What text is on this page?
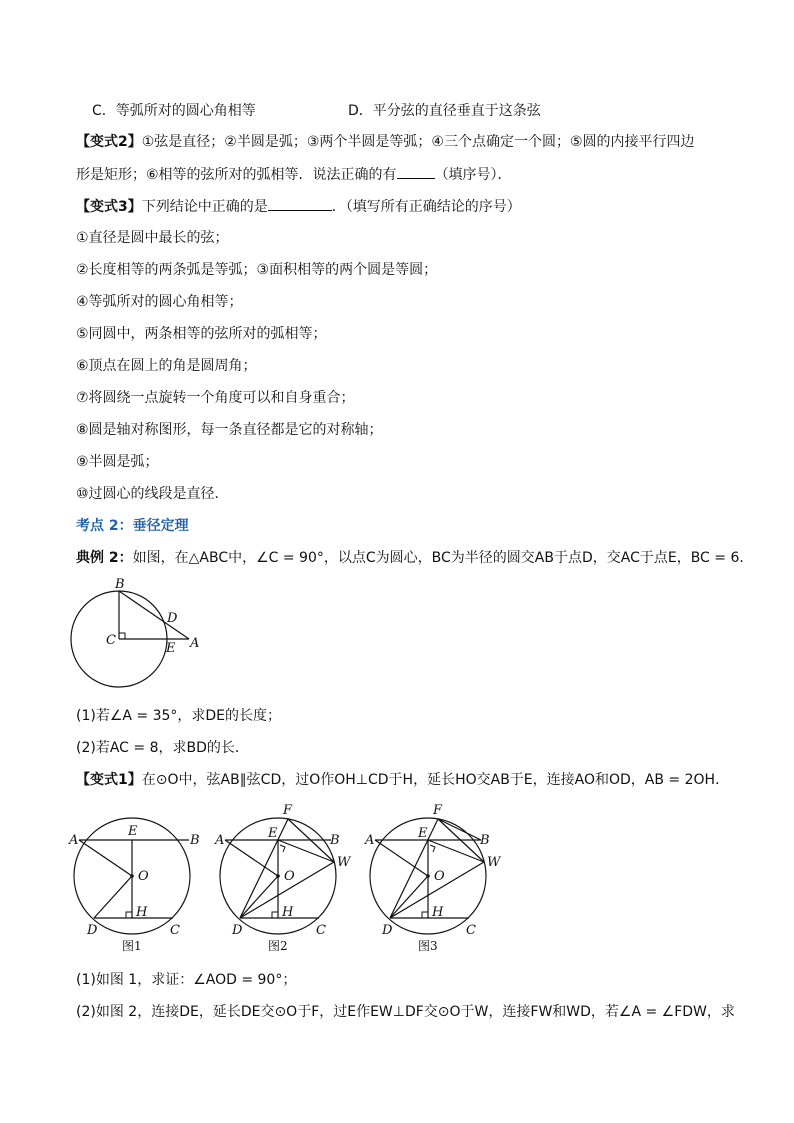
C．等弧所对的圆心角相等	D．平分弦的直径垂直于这条弦
【变式2】①弦是直径；②半圆是弧；③两个半圆是等弧；④三个点确定一个圆；⑤圆的内接平行四边
形是矩形；⑥相等的弦所对的弧相等．说法正确的有	（填序号）．
【变式3】下列结论中正确的是	．（填写所有正确结论的序号）
①直径是圆中最长的弦；
②长度相等的两条弧是等弧；③面积相等的两个圆是等圆；
④等弧所对的圆心角相等；
⑤同圆中，两条相等的弦所对的弧相等；
⑥顶点在圆上的角是圆周角；
⑦将圆绕一点旋转一个角度可以和自身重合；
⑧圆是轴对称图形，每一条直径都是它的对称轴；
⑨半圆是弧；
⑩过圆心的线段是直径．
考点 2：垂径定理
典例 2：如图，在△ABC中，∠C = 90°，以点C为圆心，BC为半径的圆交AB于点D，交AC于点E，BC = 6．
B
C
D
E A
(1)若∠A = 35°，求DE的长度；
(2)若AC = 8，求BD的长．
【变式1】在⊙O中，弦AB∥弦CD，过O作OH⊥CD于H，延长HO交AB于E，连接AO和OD，AB = 2OH．
A	B
E
O
H
D	C
图1
F
A	B
E
W
O
H
D	C
图2
F
A	B
E
W
O
H
D	C
图3
(1)如图 1，求证：∠AOD = 90°；
(2)如图 2，连接DE，延长DE交⊙O于F，过E作EW⊥DF交⊙O于W，连接FW和WD，若∠A = ∠FDW，求
